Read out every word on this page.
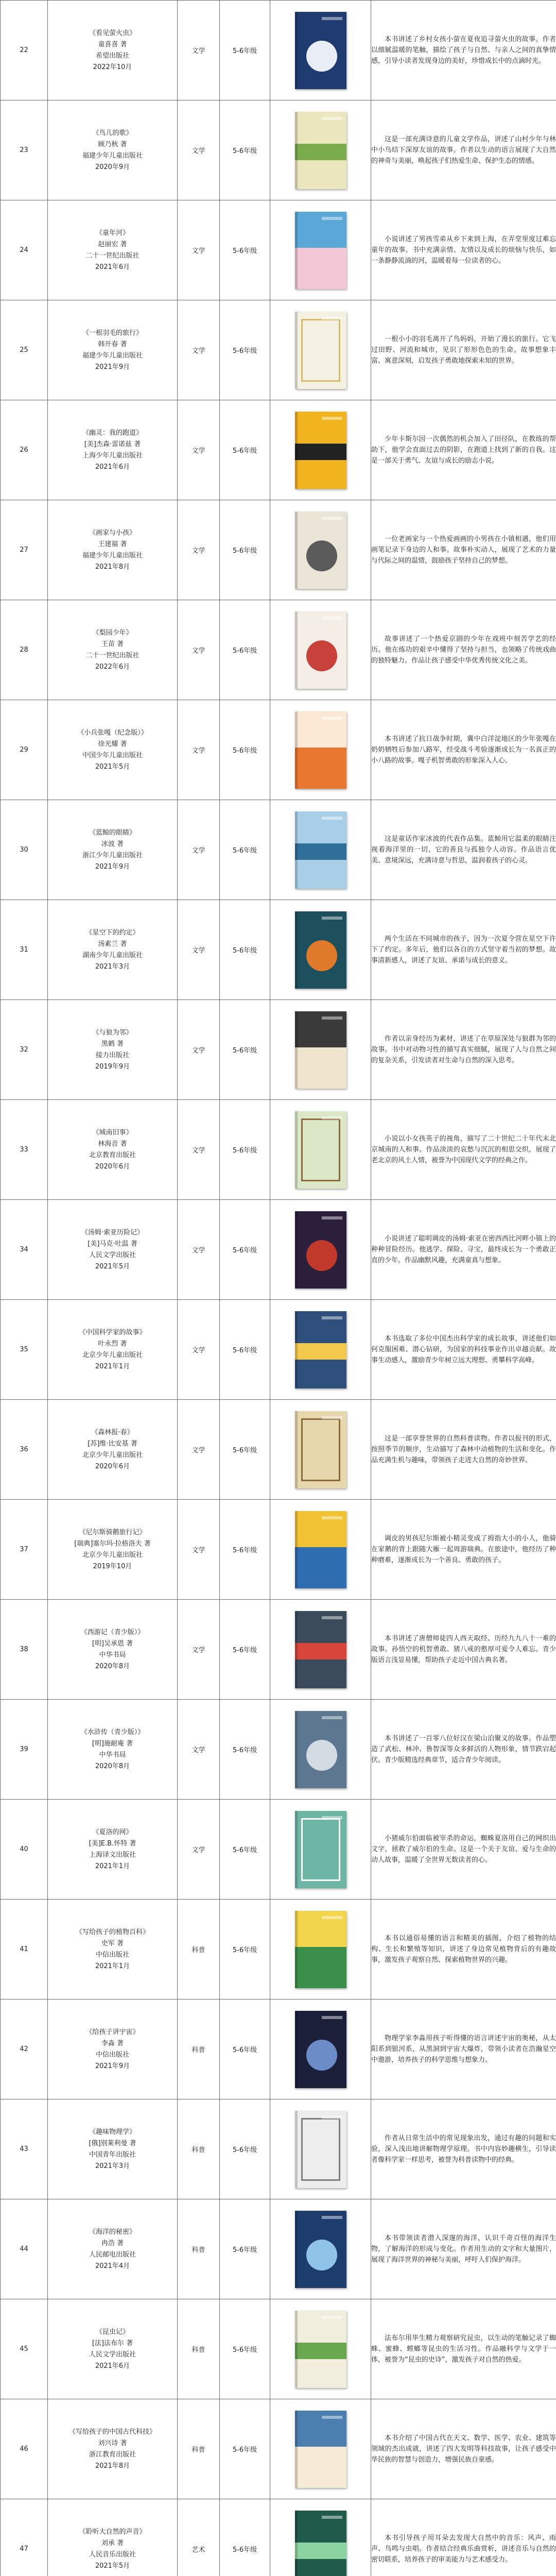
22	《看见萤火虫》
童喜喜 著
希望出版社
2022年10月	文学	5-6年级		本书讲述了乡村女孩小萤在夏夜追寻萤火虫的故事。作者以细腻温暖的笔触，描绘了孩子与自然、与亲人之间的真挚情感，引导小读者发现身边的美好，珍惜成长中的点滴时光。
23	《鸟儿的歌》
顾乃秋 著
福建少年儿童出版社
2020年9月	文学	5-6年级		这是一部充满诗意的儿童文学作品，讲述了山村少年与林中小鸟结下深厚友谊的故事。作者以生动的语言展现了大自然的神奇与美丽，唤起孩子们热爱生命、保护生态的情感。
24	《童年河》
赵丽宏 著
二十一世纪出版社
2021年6月	文学	5-6年级		小说讲述了男孩雪弟从乡下来到上海，在弄堂里度过难忘童年的故事。书中充满亲情、友情以及成长的烦恼与快乐，如一条静静流淌的河，温暖着每一位读者的心。
25	《一根羽毛的旅行》
韩开春 著
福建少年儿童出版社
2021年9月	文学	5-6年级		一根小小的羽毛离开了鸟妈妈，开始了漫长的旅行。它飞过田野、河流和城市，见识了形形色色的生命。故事想象丰富、寓意深刻，启发孩子勇敢地探索未知的世界。
26	《幽灵：我的跑道》
[美]杰森·雷诺兹 著
上海少年儿童出版社
2021年6月	文学	5-6年级		少年卡斯尔因一次偶然的机会加入了田径队，在教练的帮助下，他学会直面过去的阴影，在跑道上找到了新的自我。这是一部关于勇气、友谊与成长的励志小说。
27	《画家与小孩》
王建福 著
福建少年儿童出版社
2021年8月	文学	5-6年级		一位老画家与一个热爱画画的小男孩在小镇相遇，他们用画笔记录下身边的人和事。故事朴实动人，展现了艺术的力量与代际之间的温情，鼓励孩子坚持自己的梦想。
28	《梨园少年》
王苗 著
二十一世纪出版社
2022年6月	文学	5-6年级		故事讲述了一个热爱京剧的少年在戏班中刻苦学艺的经历。他在练功的艰辛中懂得了坚持与担当，也领略了传统戏曲的独特魅力。作品让孩子感受中华优秀传统文化之美。
29	《小兵张嘎（纪念版）》
徐光耀 著
中国少年儿童出版社
2021年5月	文学	5-6年级		本书讲述了抗日战争时期，冀中白洋淀地区的少年张嘎在奶奶牺牲后参加八路军，经受战斗考验逐渐成长为一名真正的小八路的故事。嘎子机智勇敢的形象深入人心。
30	《蓝鲸的眼睛》
冰波 著
浙江少年儿童出版社
2021年9月	文学	5-6年级		这是童话作家冰波的代表作品集。蓝鲸用它温柔的眼睛注视着海洋里的一切，它的善良与孤独令人动容。作品语言优美、意境深远，充满诗意与哲思，温润着孩子的心灵。
31	《星空下的约定》
汤素兰 著
湖南少年儿童出版社
2021年3月	文学	5-6年级		两个生活在不同城市的孩子，因为一次夏令营在星空下许下了约定。多年后，他们以各自的方式坚守着当初的梦想。故事清新感人，讲述了友谊、承诺与成长的意义。
32	《与狼为邻》
黑鹤 著
接力出版社
2019年9月	文学	5-6年级		作者以亲身经历为素材，讲述了在草原深处与狼群为邻的故事。书中对动物习性的描写真实细腻，展现了人与自然之间的复杂关系，引发读者对生命与自然的深入思考。
33	《城南旧事》
林海音 著
北京教育出版社
2020年6月	文学	5-6年级		小说以小女孩英子的视角，描写了二十世纪二十年代末北京城南的人和事。作品淡淡的哀愁与沉沉的相思交织，展现了老北京的风土人情，被誉为中国现代文学的经典之作。
34	《汤姆·索亚历险记》
[美]马克·吐温 著
人民文学出版社
2021年5月	文学	5-6年级		小说讲述了聪明调皮的汤姆·索亚在密西西比河畔小镇上的种种冒险经历。他逃学、探险、寻宝，最终成长为一个勇敢正直的少年。作品幽默风趣，充满童真与想象。
35	《中国科学家的故事》
叶永烈 著
北京少年儿童出版社
2021年1月	文学	5-6年级		本书选取了多位中国杰出科学家的成长故事，讲述他们如何克服困难、潜心钻研，为国家的科技事业作出卓越贡献。故事生动感人，激励青少年树立远大理想、勇攀科学高峰。
36	《森林报·春》
[苏]维·比安基 著
北京少年儿童出版社
2020年6月	文学	5-6年级		这是一部享誉世界的自然科普读物。作者以报刊的形式，按照季节的顺序，生动描写了森林中动植物的生活和变化。作品充满生机与趣味，带领孩子走进大自然的奇妙世界。
37	《尼尔斯骑鹅旅行记》
[瑞典]塞尔玛·拉格洛夫 著
北京少年儿童出版社
2019年10月	文学	5-6年级		调皮的男孩尼尔斯被小精灵变成了拇指大小的小人，他骑在家鹅的背上跟随大雁一起周游瑞典。在旅途中，他经历了种种磨难，逐渐成长为一个善良、勇敢的孩子。
38	《西游记（青少版）》
[明]吴承恩 著
中华书局
2020年8月	文学	5-6年级		本书讲述了唐僧师徒四人西天取经、历经九九八十一难的故事。孙悟空的机智勇敢、猪八戒的憨厚可爱令人难忘。青少版语言浅显易懂，帮助孩子走近中国古典名著。
39	《水浒传（青少版）》
[明]施耐庵 著
中华书局
2020年8月	文学	5-6年级		本书讲述了一百零八位好汉在梁山泊聚义的故事。作品塑造了武松、林冲、鲁智深等众多鲜活的人物形象，情节跌宕起伏。青少版精选经典章节，适合青少年阅读。
40	《夏洛的网》
[美]E.B.怀特 著
上海译文出版社
2021年1月	文学	5-6年级		小猪威尔伯面临被宰杀的命运，蜘蛛夏洛用自己的网织出文字，拯救了威尔伯的生命。这是一个关于友谊、爱与生命的动人故事，温暖了全世界无数读者的心。
41	《写给孩子的植物百科》
史军 著
中信出版社
2021年1月	科普	5-6年级		本书以通俗易懂的语言和精美的插图，介绍了植物的结构、生长和繁殖等知识，讲述了身边常见植物背后的有趣故事，激发孩子观察自然、探索植物世界的兴趣。
42	《给孩子讲宇宙》
李淼 著
中信出版社
2021年9月	科普	5-6年级		物理学家李淼用孩子听得懂的语言讲述宇宙的奥秘，从太阳系到银河系，从黑洞到宇宙大爆炸，带领小读者在浩瀚星空中遨游，培养孩子的科学思维与想象力。
43	《趣味物理学》
[俄]别莱利曼 著
中国青年出版社
2021年3月	科普	5-6年级		作者从日常生活中的常见现象出发，通过有趣的问题和实验，深入浅出地讲解物理学原理。书中内容妙趣横生，引导读者像科学家一样思考，被誉为科普读物中的经典。
44	《海洋的秘密》
冉浩 著
人民邮电出版社
2021年4月	科普	5-6年级		本书带领读者潜入深邃的海洋，认识千奇百怪的海洋生物，了解海洋的形成与变化。作者用生动的文字和大量图片，展现了海洋世界的神秘与美丽，呼吁人们保护海洋。
45	《昆虫记》
[法]法布尔 著
人民文学出版社
2021年6月	科普	5-6年级		法布尔用毕生精力观察研究昆虫，以生动的笔触记录了蜘蛛、蜜蜂、螳螂等昆虫的生活习性。作品融科学与文学于一体，被誉为“昆虫的史诗”，激发孩子对自然的热爱。
46	《写给孩子的中国古代科技》
刘兴诗 著
浙江教育出版社
2021年8月	科普	5-6年级		本书介绍了中国古代在天文、数学、医学、农业、建筑等领域的杰出成就，讲述了四大发明等科技故事，让孩子感受中华民族的智慧与创造力，增强民族自豪感。
47	《聆听大自然的声音》
刘承 著
人民音乐出版社
2021年5月	艺术	5-6年级		本书引导孩子用耳朵去发现大自然中的音乐：风声、雨声、鸟鸣与虫唱。作者结合经典乐曲赏析，讲述音乐与自然的密切联系，培养孩子的审美能力与艺术感受力。
